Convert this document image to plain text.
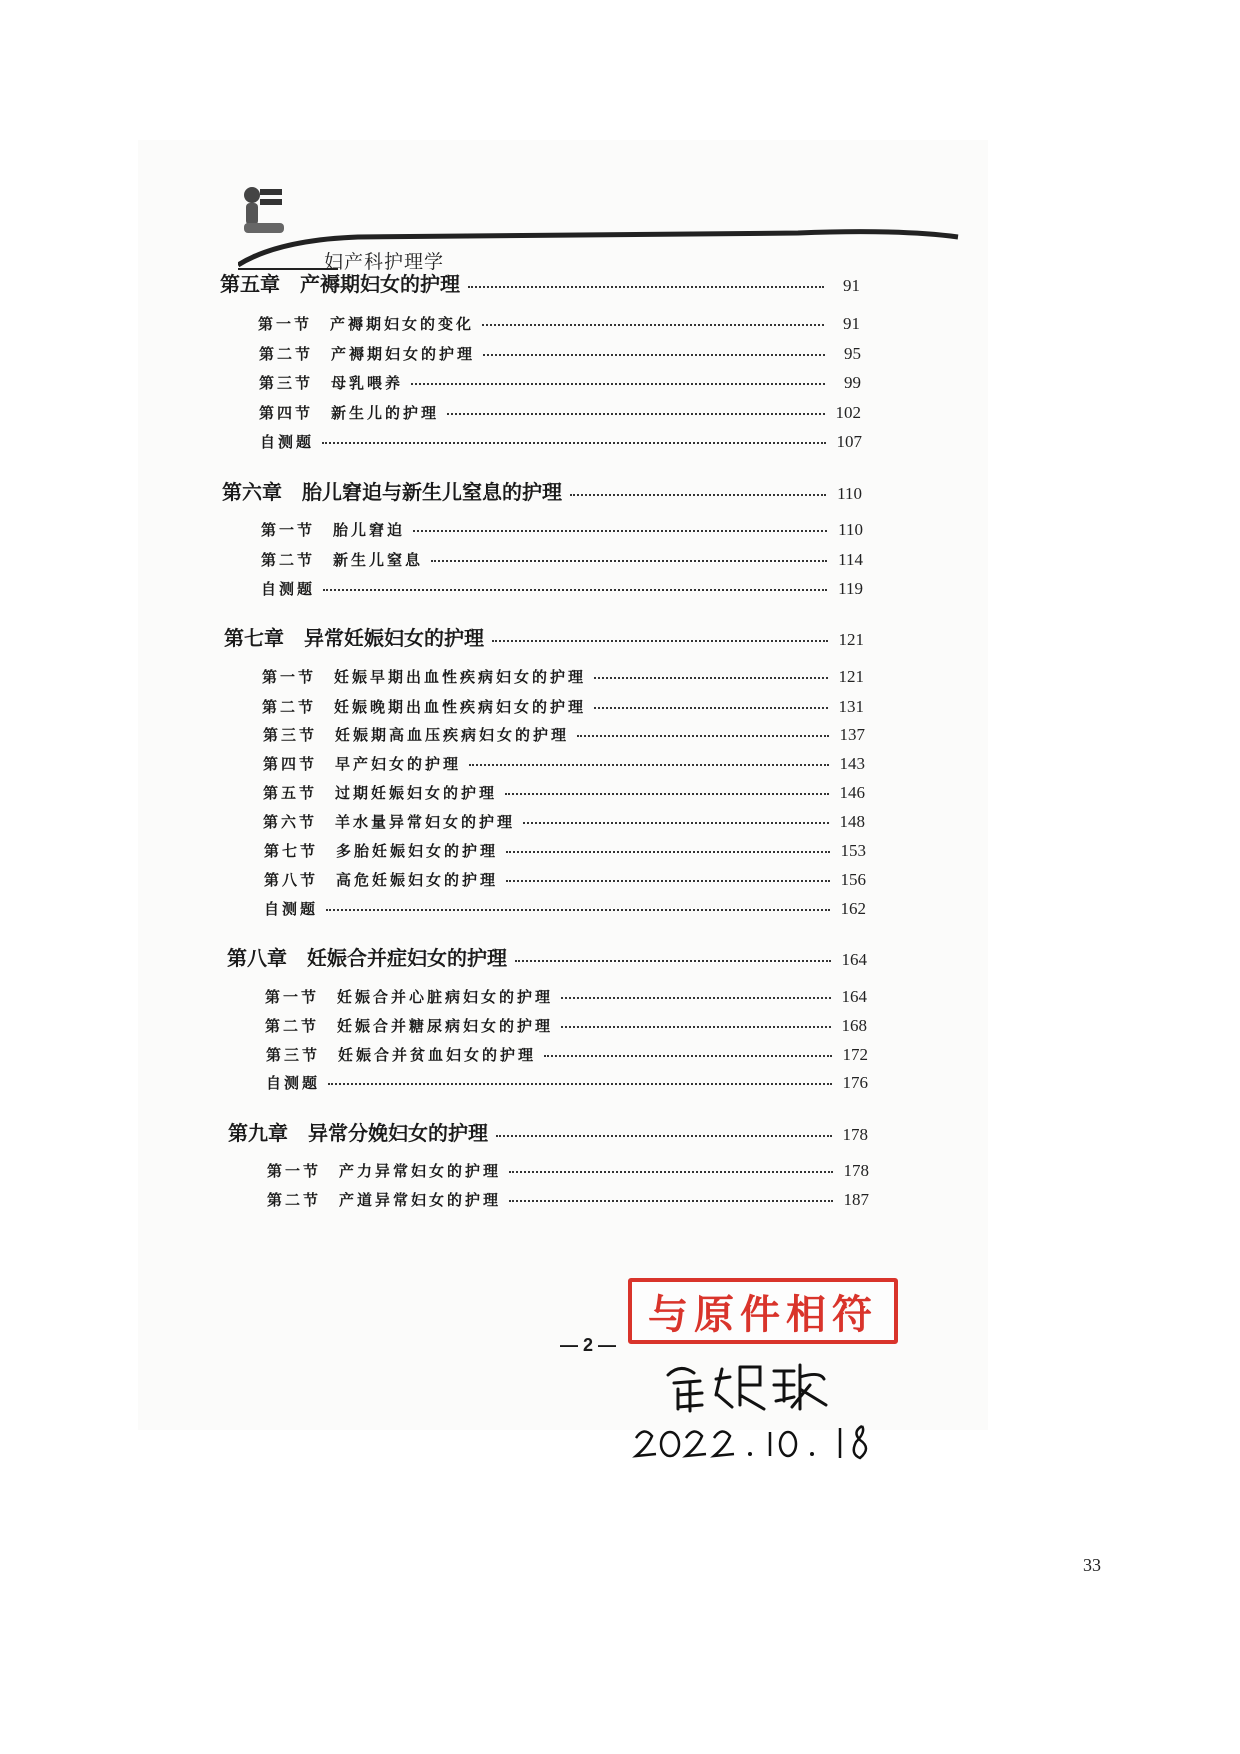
妇产科护理学
第五章 产褥期妇女的护理	91
第一节 产褥期妇女的变化	91
第二节 产褥期妇女的护理	95
第三节 母乳喂养	99
第四节 新生儿的护理	102
自测题	107
第六章 胎儿窘迫与新生儿窒息的护理	110
第一节 胎儿窘迫	110
第二节 新生儿窒息	114
自测题	119
第七章 异常妊娠妇女的护理	121
第一节 妊娠早期出血性疾病妇女的护理	121
第二节 妊娠晚期出血性疾病妇女的护理	131
第三节 妊娠期高血压疾病妇女的护理	137
第四节 早产妇女的护理	143
第五节 过期妊娠妇女的护理	146
第六节 羊水量异常妇女的护理	148
第七节 多胎妊娠妇女的护理	153
第八节 高危妊娠妇女的护理	156
自测题	162
第八章 妊娠合并症妇女的护理	164
第一节 妊娠合并心脏病妇女的护理	164
第二节 妊娠合并糖尿病妇女的护理	168
第三节 妊娠合并贫血妇女的护理	172
自测题	176
第九章 异常分娩妇女的护理	178
第一节 产力异常妇女的护理	178
第二节 产道异常妇女的护理	187
— 2 —
与原件相符
33
